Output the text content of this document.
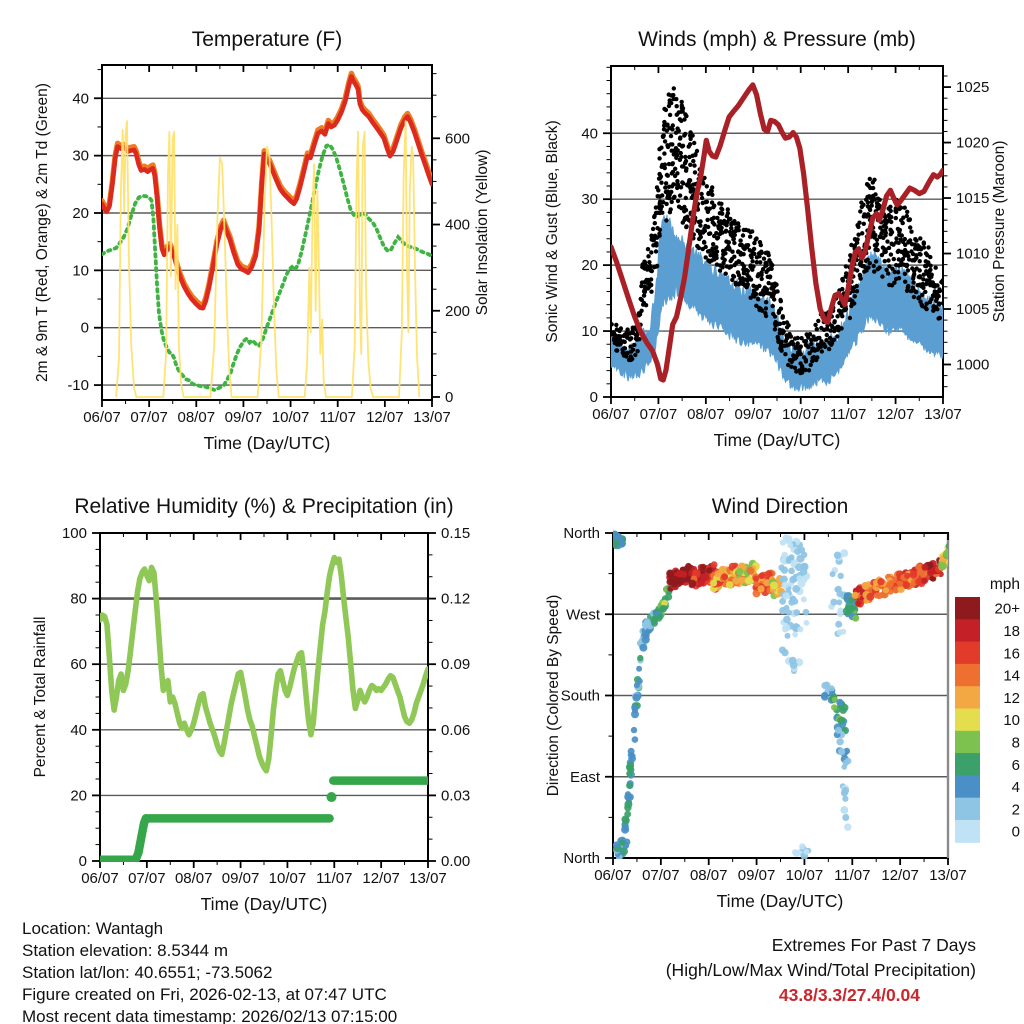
06/07 07/07 08/07 09/07 10/07 11/07 12/07 13/07
-10
0
10
20
30
40
0
200
400
600
Temperature (F)
Time (Day/UTC)
2m & 9m T (Red, Orange) & 2m Td (Green)	Solar Insolation (Yellow)
06/07 07/07 08/07 09/07 10/07 11/07 12/07 13/07
0
10
20
30
40
1000
1005
1010
1015
1020
1025
Winds (mph) & Pressure (mb)
Time (Day/UTC)
Sonic Wind & Gust (Blue, Black)	Station Pressure (Maroon)
06/07 07/07 08/07 09/07 10/07 11/07 12/07 13/07
0
20
40
60
80
100
0.00
0.03
0.06
0.09
0.12
0.15
Relative Humidity (%) & Precipitation (in)
Time (Day/UTC)
Percent & Total Rainfall
06/07 07/07 08/07 09/07 10/07 11/07 12/07 13/07
North
West
South
East
North
Wind Direction
Time (Day/UTC)
Direction (Colored By Speed)
mph
20+
18
16
14
12
10
8
6
4
2
0
Location: Wantagh
Station elevation: 8.5344 m
Station lat/lon: 40.6551; -73.5062
Figure created on Fri, 2026-02-13, at 07:47 UTC
Most recent data timestamp: 2026/02/13 07:15:00
Extremes For Past 7 Days
(High/Low/Max Wind/Total Precipitation)
43.8/3.3/27.4/0.04
